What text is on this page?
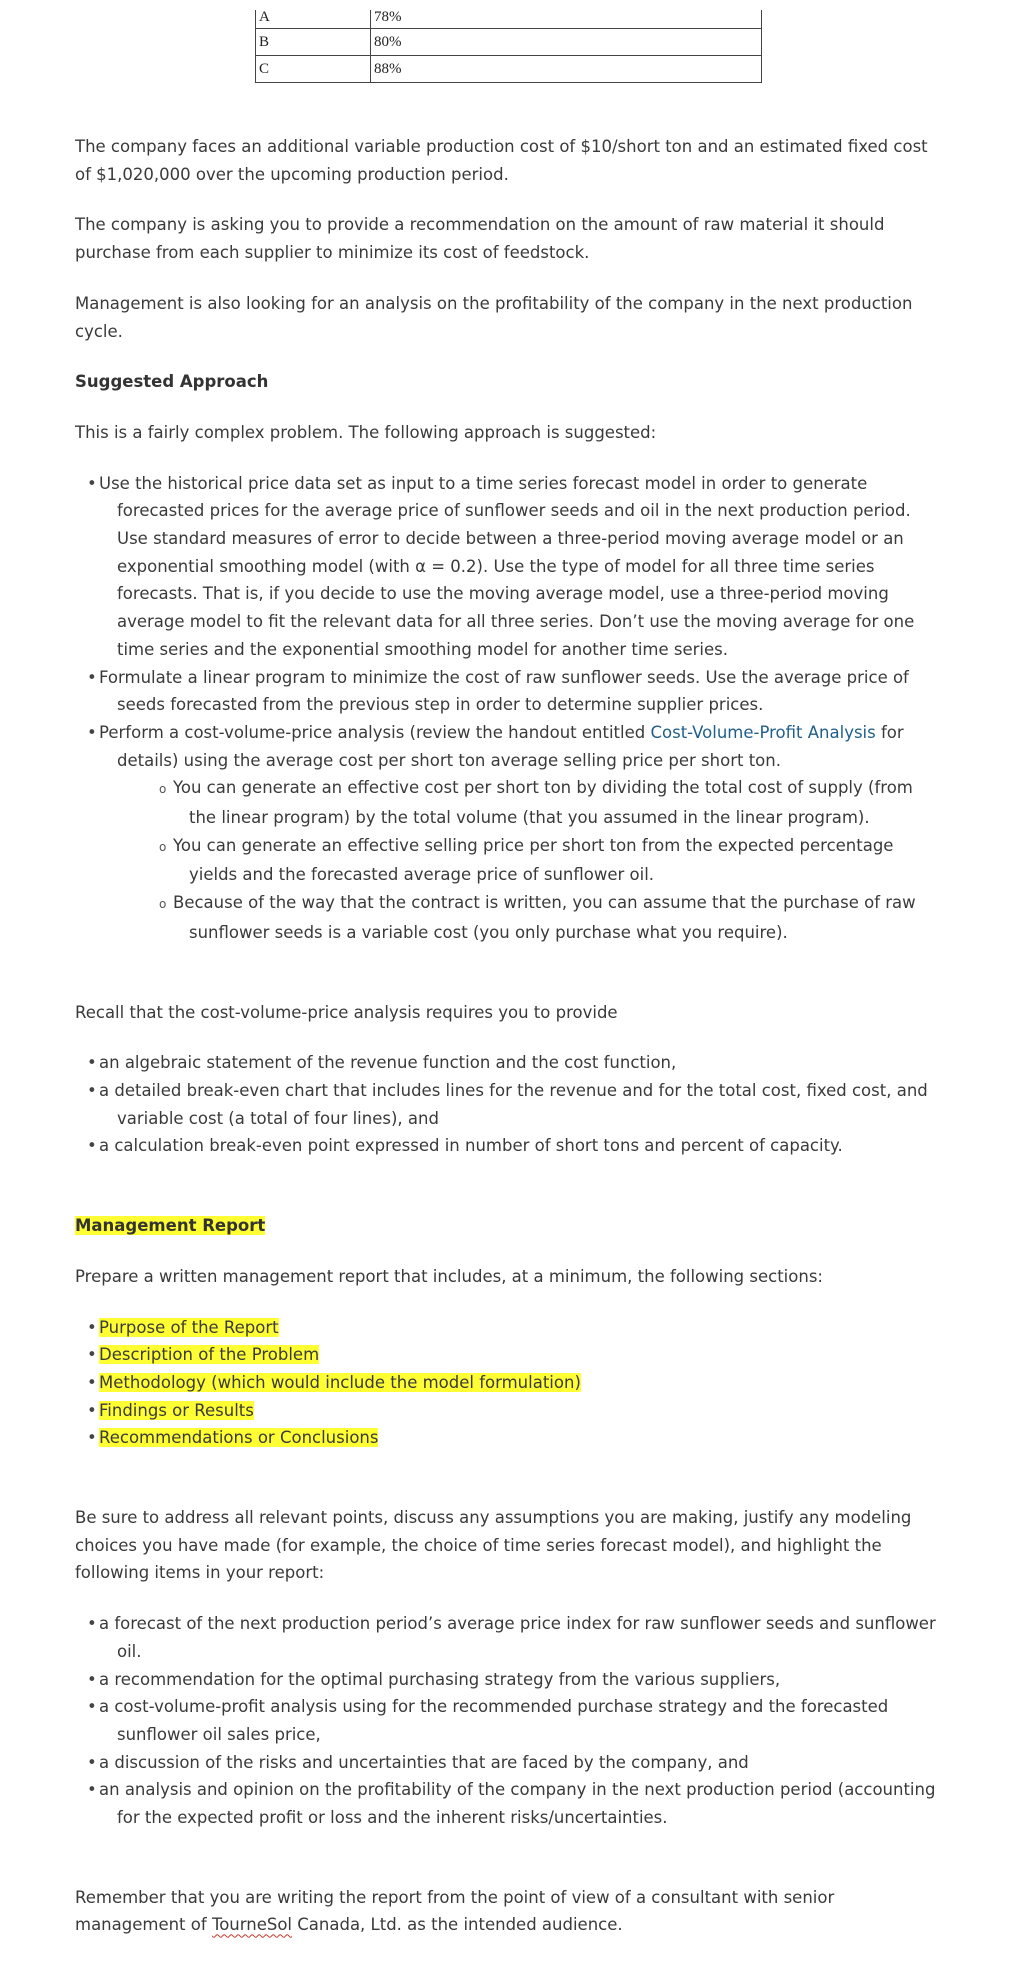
A	78%
B	80%
C	88%

The company faces an additional variable production cost of $10/short ton and an estimated fixed cost of $1,020,000 over the upcoming production period.

The company is asking you to provide a recommendation on the amount of raw material it should purchase from each supplier to minimize its cost of feedstock.

Management is also looking for an analysis on the profitability of the company in the next production cycle.

Suggested Approach

This is a fairly complex problem. The following approach is suggested:

• Use the historical price data set as input to a time series forecast model in order to generate forecasted prices for the average price of sunflower seeds and oil in the next production period. Use standard measures of error to decide between a three-period moving average model or an exponential smoothing model (with α = 0.2). Use the type of model for all three time series forecasts. That is, if you decide to use the moving average model, use a three-period moving average model to fit the relevant data for all three series. Don’t use the moving average for one time series and the exponential smoothing model for another time series.
• Formulate a linear program to minimize the cost of raw sunflower seeds. Use the average price of seeds forecasted from the previous step in order to determine supplier prices.
• Perform a cost-volume-price analysis (review the handout entitled Cost-Volume-Profit Analysis for details) using the average cost per short ton average selling price per short ton.
o You can generate an effective cost per short ton by dividing the total cost of supply (from the linear program) by the total volume (that you assumed in the linear program).
o You can generate an effective selling price per short ton from the expected percentage yields and the forecasted average price of sunflower oil.
o Because of the way that the contract is written, you can assume that the purchase of raw sunflower seeds is a variable cost (you only purchase what you require).

Recall that the cost-volume-price analysis requires you to provide

• an algebraic statement of the revenue function and the cost function,
• a detailed break-even chart that includes lines for the revenue and for the total cost, fixed cost, and variable cost (a total of four lines), and
• a calculation break-even point expressed in number of short tons and percent of capacity.

Management Report

Prepare a written management report that includes, at a minimum, the following sections:

• Purpose of the Report
• Description of the Problem
• Methodology (which would include the model formulation)
• Findings or Results
• Recommendations or Conclusions

Be sure to address all relevant points, discuss any assumptions you are making, justify any modeling choices you have made (for example, the choice of time series forecast model), and highlight the following items in your report:

• a forecast of the next production period’s average price index for raw sunflower seeds and sunflower oil.
• a recommendation for the optimal purchasing strategy from the various suppliers,
• a cost-volume-profit analysis using for the recommended purchase strategy and the forecasted sunflower oil sales price,
• a discussion of the risks and uncertainties that are faced by the company, and
• an analysis and opinion on the profitability of the company in the next production period (accounting for the expected profit or loss and the inherent risks/uncertainties.

Remember that you are writing the report from the point of view of a consultant with senior management of TourneSol Canada, Ltd. as the intended audience.
